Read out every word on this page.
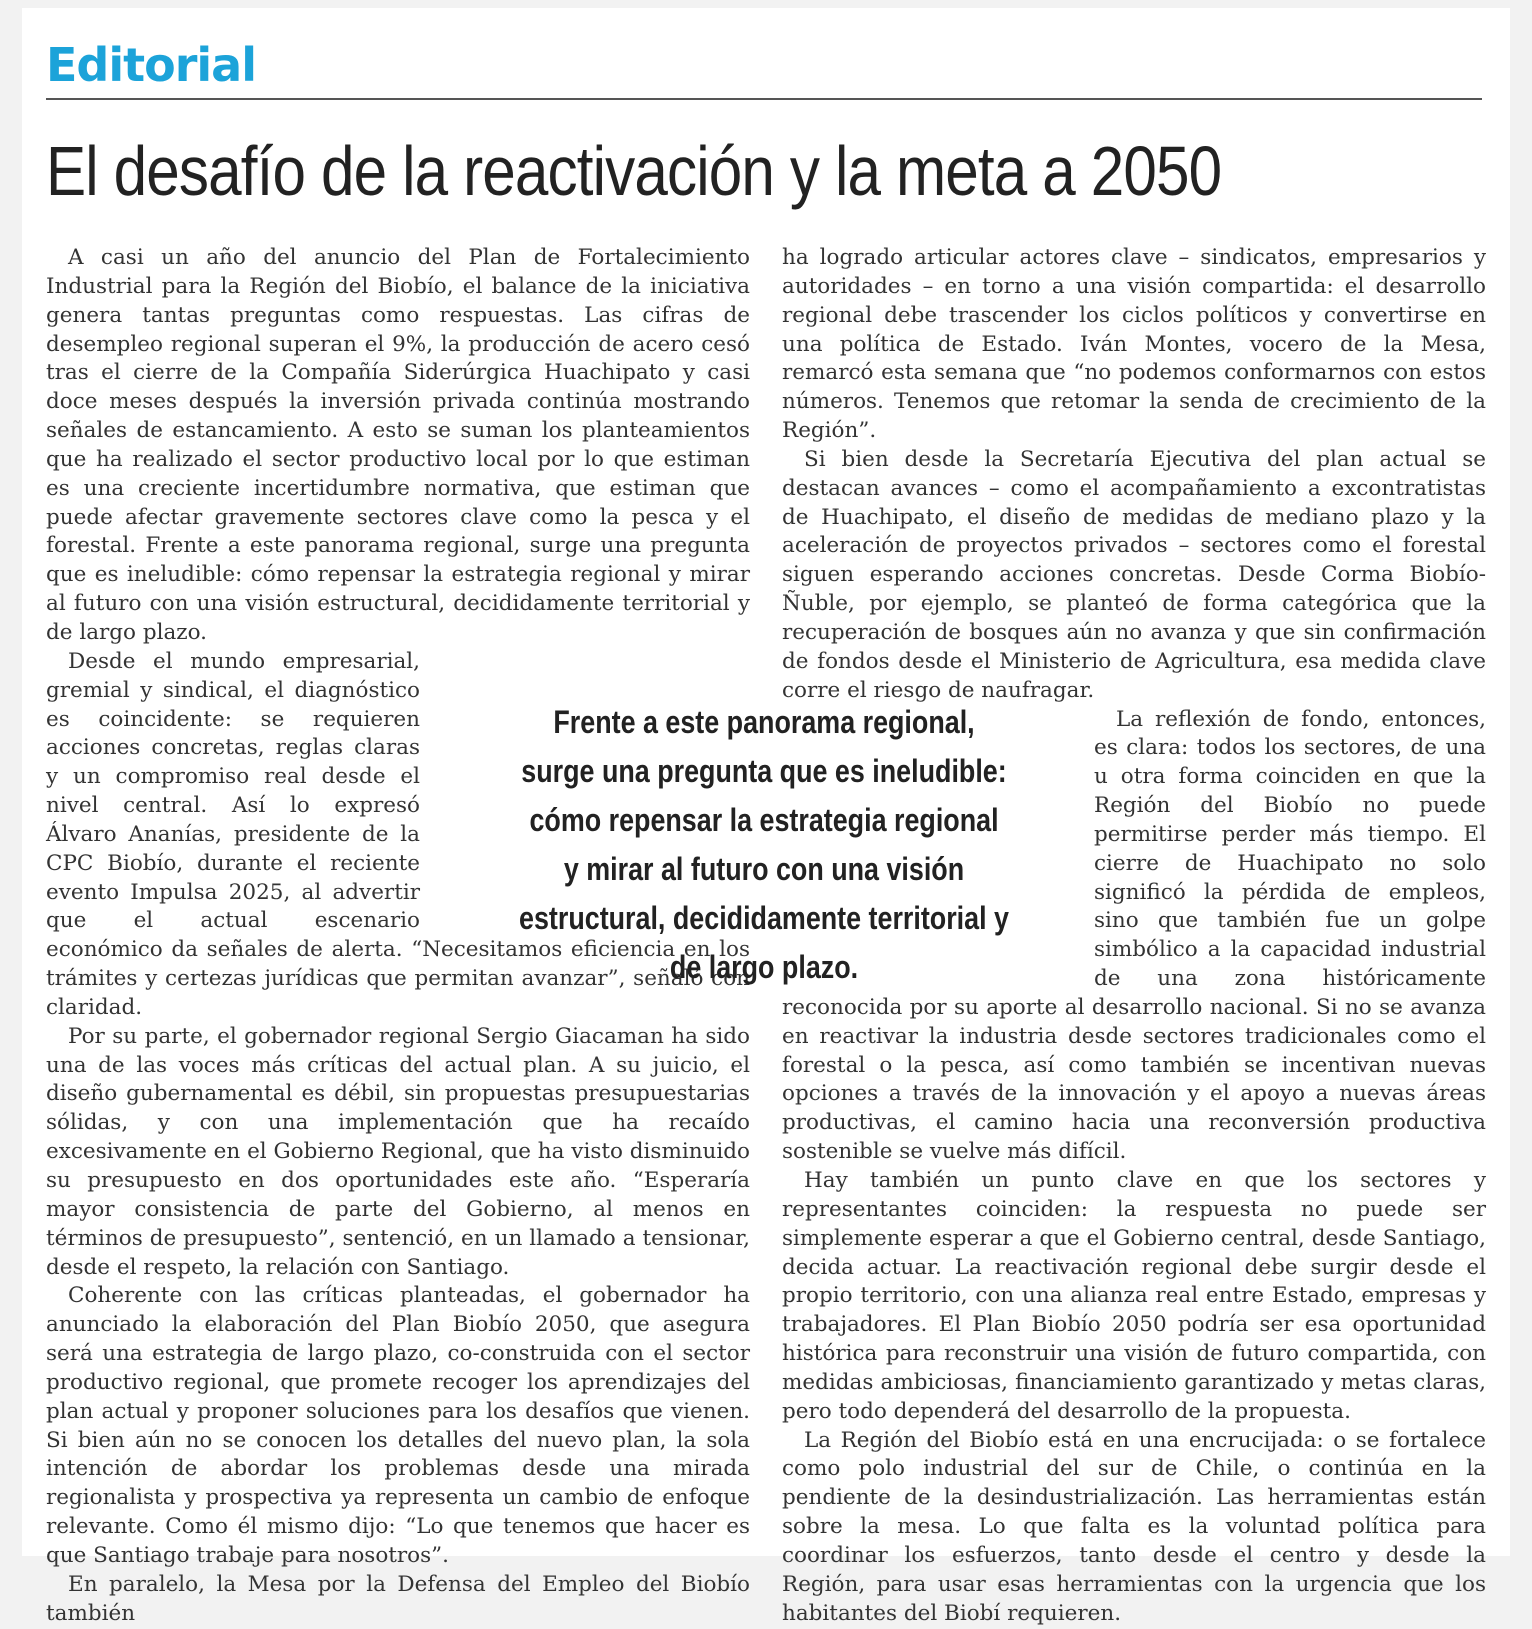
Editorial
El desafío de la reactivación y la meta a 2050

A casi un año del anuncio del Plan de Fortalecimiento Industrial para la Región del Biobío, el balance de la iniciativa genera tantas preguntas como respuestas. Las cifras de desempleo regional superan el 9%, la producción de acero cesó tras el cierre de la Compañía Siderúrgica Huachipato y casi doce meses después la inversión privada continúa mostrando señales de estancamiento. A esto se suman los planteamientos que ha realizado el sector productivo local por lo que estiman es una creciente incertidumbre normativa, que estiman que puede afectar gravemente sectores clave como la pesca y el forestal. Frente a este panorama regional, surge una pregunta que es ineludible: cómo repensar la estrategia regional y mirar al futuro con una visión estructural, decididamente territorial y de largo plazo.

Desde el mundo empresarial, gremial y sindical, el diagnóstico es coincidente: se requieren acciones concretas, reglas claras y un compromiso real desde el nivel central. Así lo expresó Álvaro Ananías, presidente de la CPC Biobío, durante el reciente evento Impulsa 2025, al advertir que el actual escenario económico da señales de alerta. “Necesitamos eficiencia en los trámites y certezas jurídicas que permitan avanzar”, señaló con claridad.

Por su parte, el gobernador regional Sergio Giacaman ha sido una de las voces más críticas del actual plan. A su juicio, el diseño gubernamental es débil, sin propuestas presupuestarias sólidas, y con una implementación que ha recaído excesivamente en el Gobierno Regional, que ha visto disminuido su presupuesto en dos oportunidades este año. “Esperaría mayor consistencia de parte del Gobierno, al menos en términos de presupuesto”, sentenció, en un llamado a tensionar, desde el respeto, la relación con Santiago.

Coherente con las críticas planteadas, el gobernador ha anunciado la elaboración del Plan Biobío 2050, que asegura será una estrategia de largo plazo, co-construida con el sector productivo regional, que promete recoger los aprendizajes del plan actual y proponer soluciones para los desafíos que vienen. Si bien aún no se conocen los detalles del nuevo plan, la sola intención de abordar los problemas desde una mirada regionalista y prospectiva ya representa un cambio de enfoque relevante. Como él mismo dijo: “Lo que tenemos que hacer es que Santiago trabaje para nosotros”.

En paralelo, la Mesa por la Defensa del Empleo del Biobío también

ha logrado articular actores clave – sindicatos, empresarios y autoridades – en torno a una visión compartida: el desarrollo regional debe trascender los ciclos políticos y convertirse en una política de Estado. Iván Montes, vocero de la Mesa, remarcó esta semana que “no podemos conformarnos con estos números. Tenemos que retomar la senda de crecimiento de la Región”.

Si bien desde la Secretaría Ejecutiva del plan actual se destacan avances – como el acompañamiento a excontratistas de Huachipato, el diseño de medidas de mediano plazo y la aceleración de proyectos privados – sectores como el forestal siguen esperando acciones concretas. Desde Corma Biobío-Ñuble, por ejemplo, se planteó de forma categórica que la recuperación de bosques aún no avanza y que sin confirmación de fondos desde el Ministerio de Agricultura, esa medida clave corre el riesgo de naufragar.

La reflexión de fondo, entonces, es clara: todos los sectores, de una u otra forma coinciden en que la Región del Biobío no puede permitirse perder más tiempo. El cierre de Huachipato no solo significó la pérdida de empleos, sino que también fue un golpe simbólico a la capacidad industrial de una zona históricamente reconocida por su aporte al desarrollo nacional. Si no se avanza en reactivar la industria desde sectores tradicionales como el forestal o la pesca, así como también se incentivan nuevas opciones a través de la innovación y el apoyo a nuevas áreas productivas, el camino hacia una reconversión productiva sostenible se vuelve más difícil.

Hay también un punto clave en que los sectores y representantes coinciden: la respuesta no puede ser simplemente esperar a que el Gobierno central, desde Santiago, decida actuar. La reactivación regional debe surgir desde el propio territorio, con una alianza real entre Estado, empresas y trabajadores. El Plan Biobío 2050 podría ser esa oportunidad histórica para reconstruir una visión de futuro compartida, con medidas ambiciosas, financiamiento garantizado y metas claras, pero todo dependerá del desarrollo de la propuesta.

La Región del Biobío está en una encrucijada: o se fortalece como polo industrial del sur de Chile, o continúa en la pendiente de la desindustrialización. Las herramientas están sobre la mesa. Lo que falta es la voluntad política para coordinar los esfuerzos, tanto desde el centro y desde la Región, para usar esas herramientas con la urgencia que los habitantes del Biobí requieren.

Frente a este panorama regional, surge una pregunta que es ineludible: cómo repensar la estrategia regional y mirar al futuro con una visión estructural, decididamente territorial y de largo plazo.
